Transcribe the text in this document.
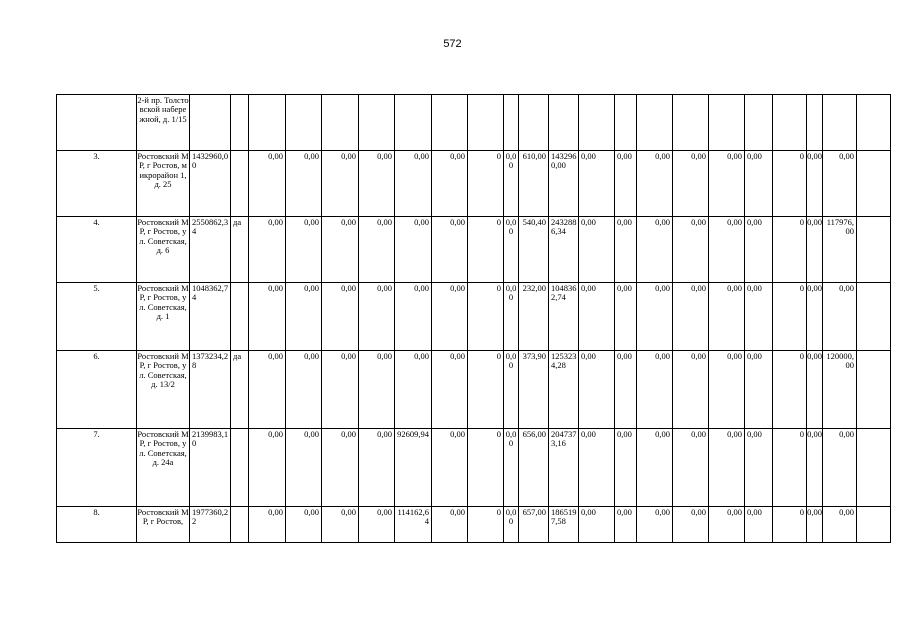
572
	2-й пр. Толстовской набережной, д. 1/15																						
3.	Ростовский МР, г Ростов, микрорайон 1, д. 25	1432960,00		0,00	0,00	0,00	0,00	0,00	0,00	0	0,00	610,00	1432960,00	0,00	0,00	0,00	0,00	0,00	0,00	0	0,00	0,00	
4.	Ростовский МР, г Ростов, ул. Советская, д. 6	2550862,34	да	0,00	0,00	0,00	0,00	0,00	0,00	0	0,00	540,40	2432886,34	0,00	0,00	0,00	0,00	0,00	0,00	0	0,00	117976,00	
5.	Ростовский МР, г Ростов, ул. Советская, д. 1	1048362,74		0,00	0,00	0,00	0,00	0,00	0,00	0	0,00	232,00	1048362,74	0,00	0,00	0,00	0,00	0,00	0,00	0	0,00	0,00	
6.	Ростовский МР, г Ростов, ул. Советская, д. 13/2	1373234,28	да	0,00	0,00	0,00	0,00	0,00	0,00	0	0,00	373,90	1253234,28	0,00	0,00	0,00	0,00	0,00	0,00	0	0,00	120000,00	
7.	Ростовский МР, г Ростов, ул. Советская, д. 24а	2139983,10		0,00	0,00	0,00	0,00	92609,94	0,00	0	0,00	656,00	2047373,16	0,00	0,00	0,00	0,00	0,00	0,00	0	0,00	0,00	
8.	Ростовский МР, г Ростов,	1977360,22		0,00	0,00	0,00	0,00	114162,64	0,00	0	0,00	657,00	1865197,58	0,00	0,00	0,00	0,00	0,00	0,00	0	0,00	0,00	
